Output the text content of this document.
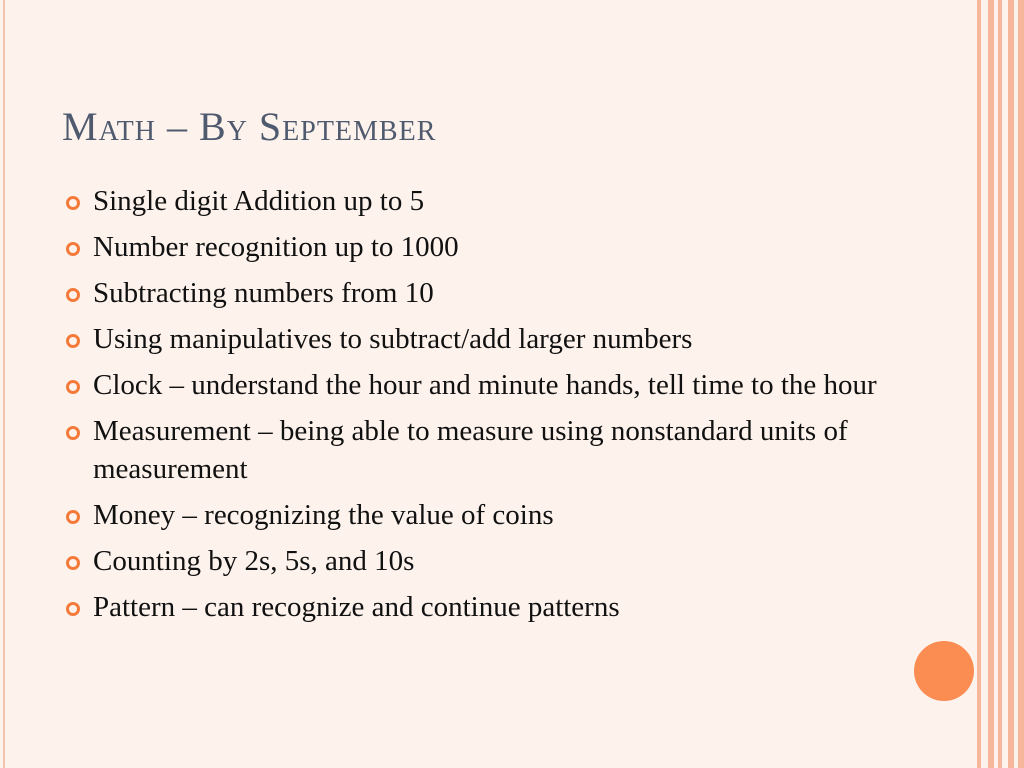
Math – By September
Single digit Addition up to 5
Number recognition up to 1000
Subtracting numbers from 10
Using manipulatives to subtract/add larger numbers
Clock – understand the hour and minute hands, tell time to the hour
Measurement – being able to measure using nonstandard units of measurement
Money – recognizing the value of coins
Counting by 2s, 5s, and 10s
Pattern – can recognize and continue patterns
